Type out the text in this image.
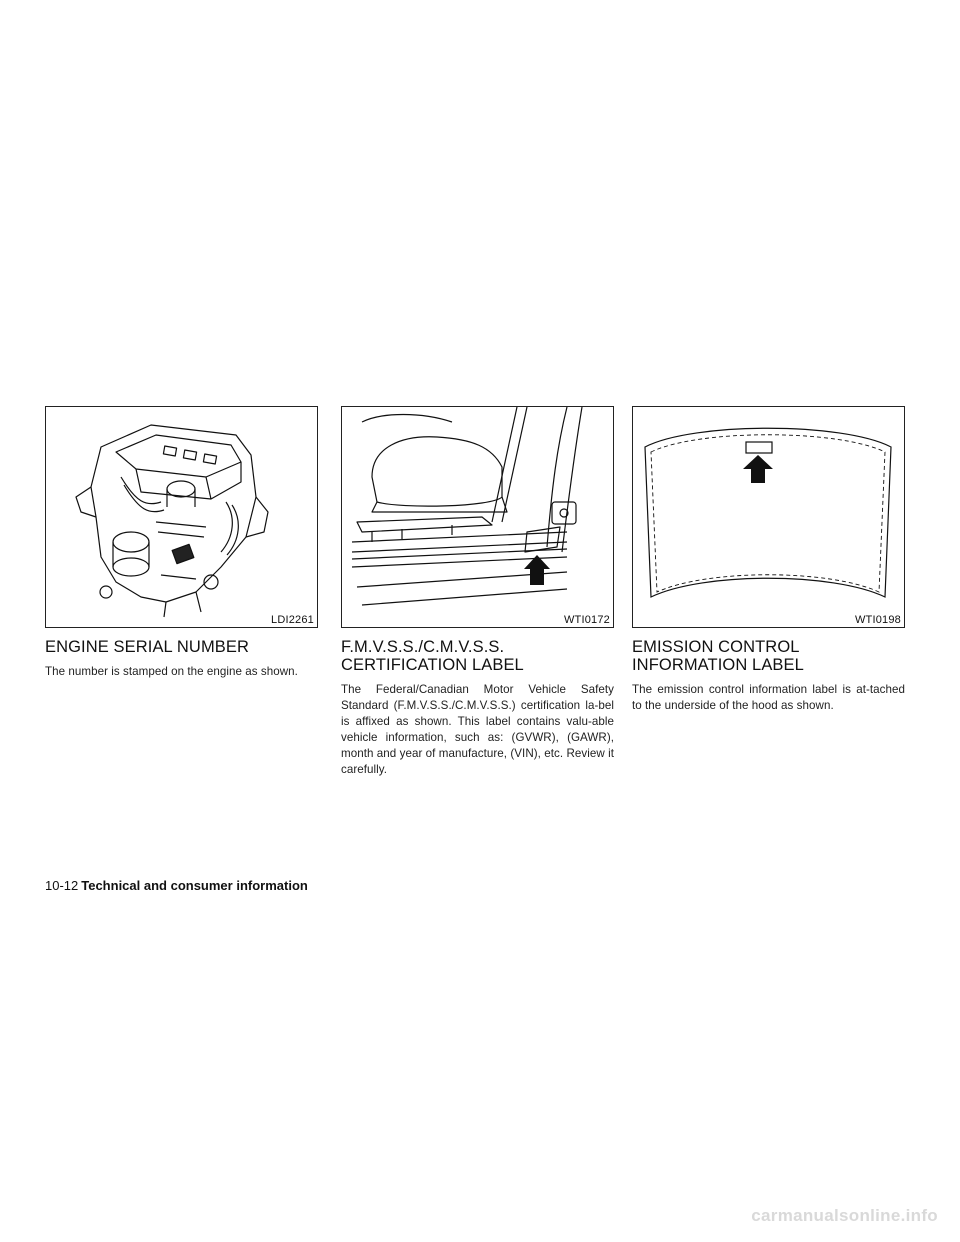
LDI2261
ENGINE SERIAL NUMBER

The number is stamped on the engine as shown.

WTI0172
F.M.V.S.S./C.M.V.S.S.
CERTIFICATION LABEL

The Federal/Canadian Motor Vehicle Safety Standard (F.M.V.S.S./C.M.V.S.S.) certification la-bel is affixed as shown. This label contains valu-able vehicle information, such as: (GVWR), (GAWR), month and year of manufacture, (VIN), etc. Review it carefully.

WTI0198
EMISSION CONTROL
INFORMATION LABEL

The emission control information label is at-tached to the underside of the hood as shown.

10-12 Technical and consumer information
carmanualsonline.info
